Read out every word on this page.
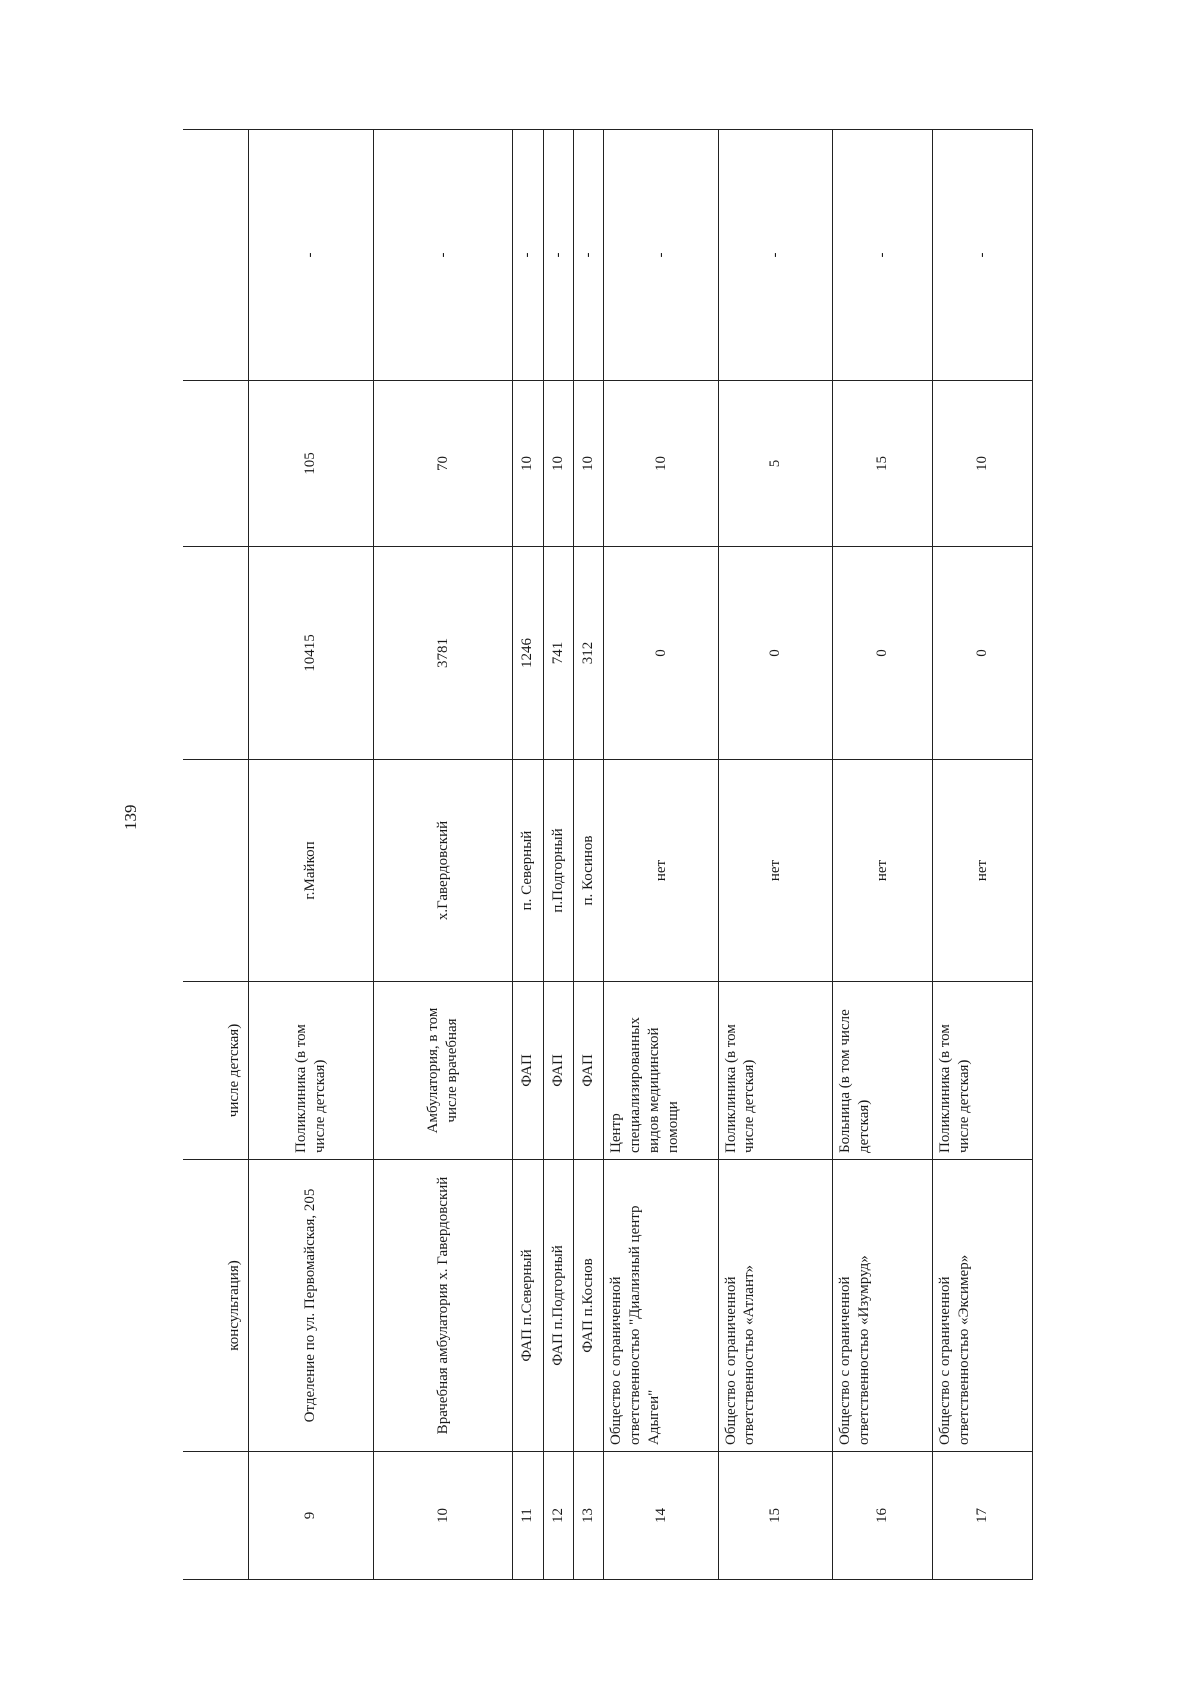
139
	консультация)	числе детская)				
9	Отделение по ул. Первомайская, 205	Поликлиника (в том числе детская)	г.Майкоп	10415	105	-
10	Врачебная амбулатория х. Гавердовский	Амбулатория, в том числе врачебная	х.Гавердовский	3781	70	-
11	ФАП п.Северный	ФАП	п. Северный	1246	10	-
12	ФАП п.Подгорный	ФАП	п.Подгорный	741	10	-
13	ФАП п.Коснов	ФАП	п. Косинов	312	10	-
14	Общество с ограниченной ответственностью "Диализный центр Адыгеи"	Центр специализированных видов медицинской помощи	нет	0	10	-
15	Общество с ограниченной ответственностью «Атлант»	Поликлиника (в том числе детская)	нет	0	5	-
16	Общество с ограниченной ответственностью «Изумруд»	Больница (в том числе детская)	нет	0	15	-
17	Общество с ограниченной ответственностью «Эксимер»	Поликлиника (в том числе детская)	нет	0	10	-
